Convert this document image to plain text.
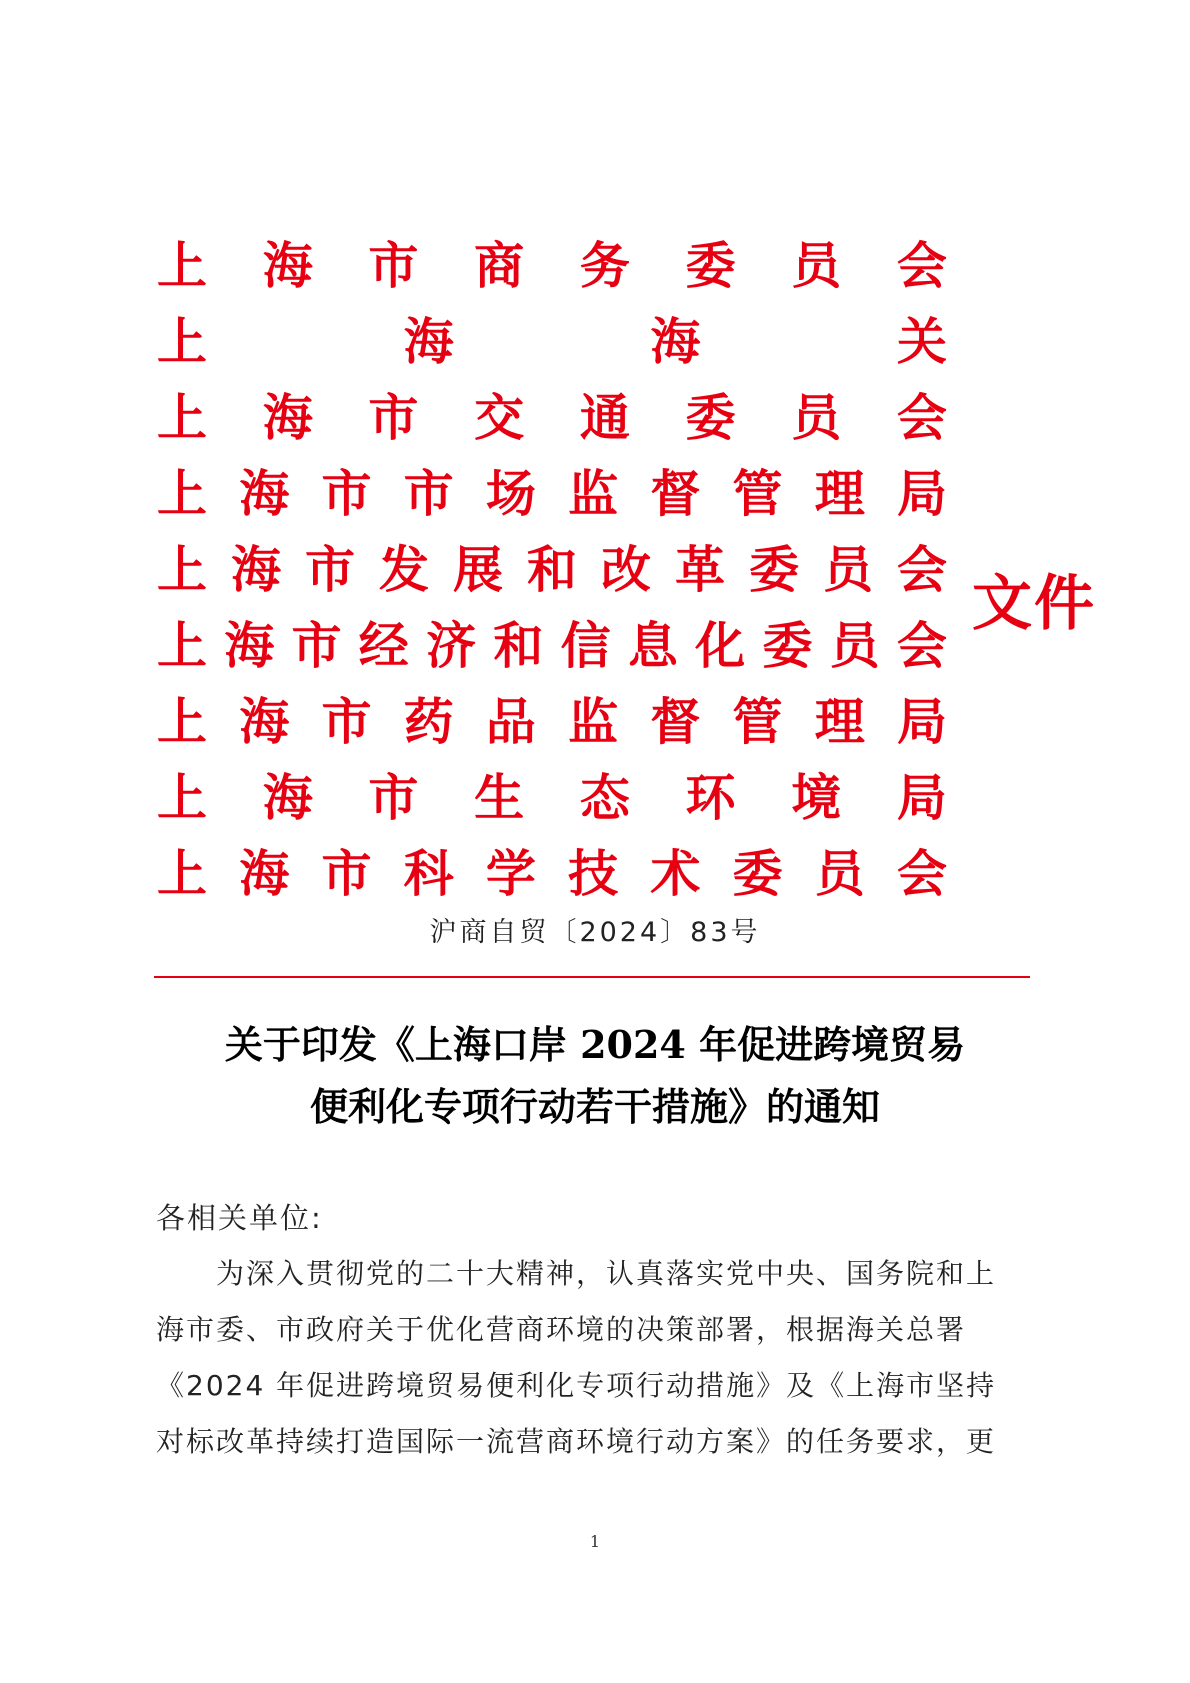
上 海 市 商 务 委 员 会
上	海	海	关
上 海 市 交 通 委 员 会
上 海 市 市 场 监 督 管 理 局
上 海 市 发 展 和 改 革 委 员 会
上 海 市 经 济 和 信 息 化 委 员 会
上 海 市 药 品 监 督 管 理 局
上 海 市 生 态 环 境 局
上 海 市 科 学 技 术 委 员 会
文件
沪商自贸〔2024〕83号
关于印发《上海口岸 2024 年促进跨境贸易
便利化专项行动若干措施》的通知
各相关单位:
为深入贯彻党的二十大精神，认真落实党中央、国务院和上
海市委、市政府关于优化营商环境的决策部署，根据海关总署
《2024 年促进跨境贸易便利化专项行动措施》及《上海市坚持
对标改革持续打造国际一流营商环境行动方案》的任务要求，更
1
